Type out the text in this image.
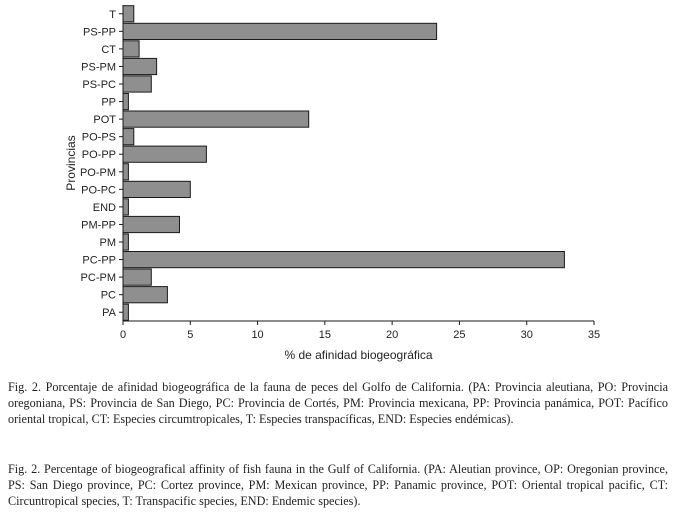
T
PS-PP
CT
PS-PM
PS-PC
PP
POT
PO-PS
PO-PP
PO-PM
PO-PC
END
PM-PP
PM
PC-PP
PC-PM
PC
PA
0	5	10	15	20	25	30	35
% de afinidad biogeográfica
Provincias

Fig. 2. Porcentaje de afinidad biogeográfica de la fauna de peces del Golfo de California. (PA: Provincia aleutiana, PO: Provincia oregoniana, PS: Provincia de San Diego, PC: Provincia de Cortés, PM: Provincia mexicana, PP: Provincia panámica, POT: Pacífico oriental tropical, CT: Especies circumtropicales, T: Especies transpacíficas, END: Especies endémicas).

Fig. 2. Percentage of biogeografical affinity of fish fauna in the Gulf of California. (PA: Aleutian province, OP: Oregonian province, PS: San Diego province, PC: Cortez province, PM: Mexican province, PP: Panamic province, POT: Oriental tropical pacific, CT: Circuntropical species, T: Transpacific species, END: Endemic species).
